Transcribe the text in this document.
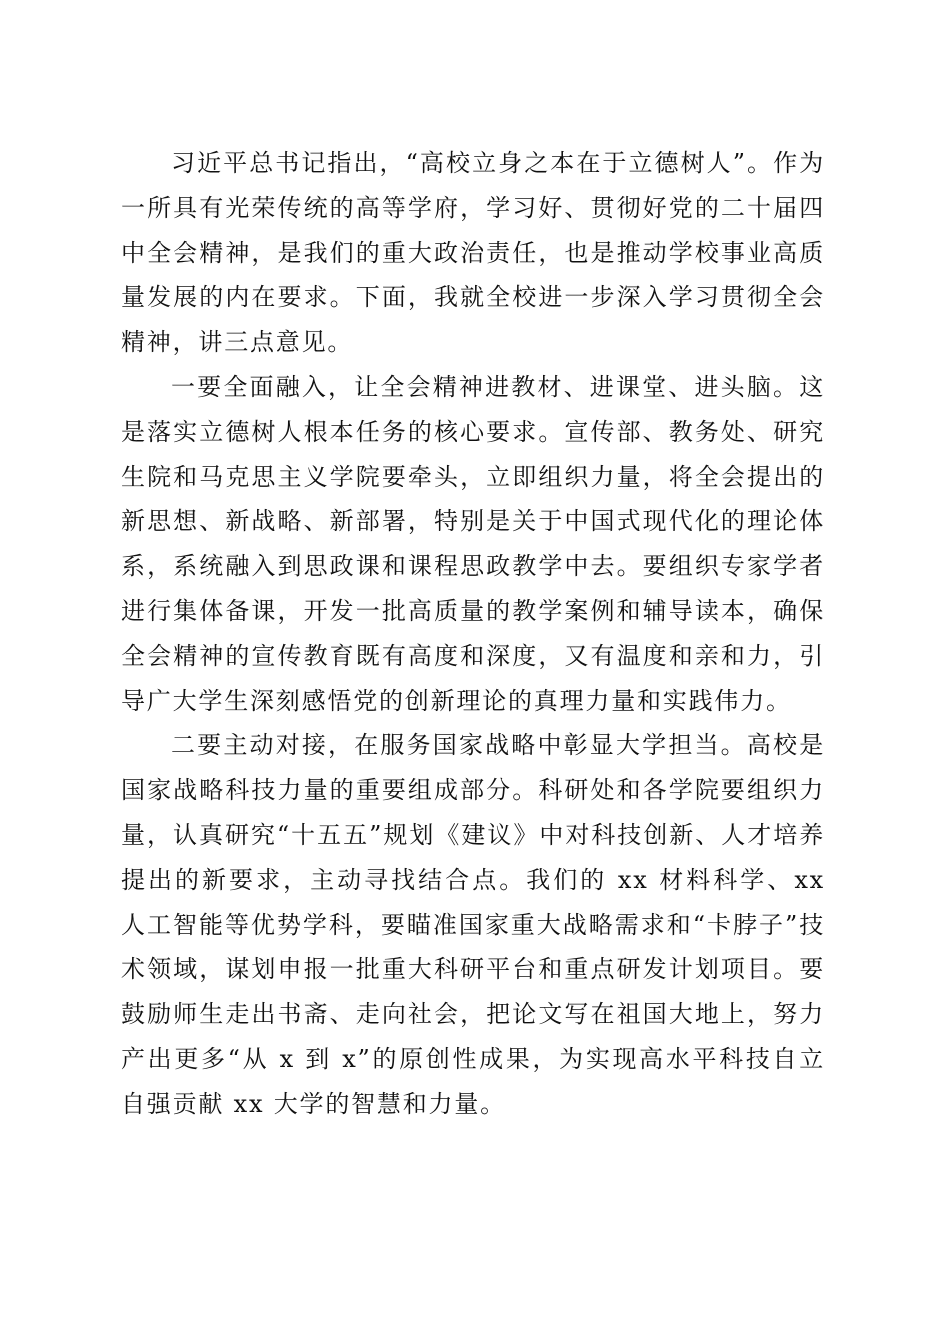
习近平总书记指出，“高校立身之本在于立德树人”。作为一所具有光荣传统的高等学府，学习好、贯彻好党的二十届四中全会精神，是我们的重大政治责任，也是推动学校事业高质量发展的内在要求。下面，我就全校进一步深入学习贯彻全会精神，讲三点意见。

一要全面融入，让全会精神进教材、进课堂、进头脑。这是落实立德树人根本任务的核心要求。宣传部、教务处、研究生院和马克思主义学院要牵头，立即组织力量，将全会提出的新思想、新战略、新部署，特别是关于中国式现代化的理论体系，系统融入到思政课和课程思政教学中去。要组织专家学者进行集体备课，开发一批高质量的教学案例和辅导读本，确保全会精神的宣传教育既有高度和深度，又有温度和亲和力，引导广大学生深刻感悟党的创新理论的真理力量和实践伟力。

二要主动对接，在服务国家战略中彰显大学担当。高校是国家战略科技力量的重要组成部分。科研处和各学院要组织力量，认真研究“十五五”规划《建议》中对科技创新、人才培养提出的新要求，主动寻找结合点。我们的 xx 材料科学、xx 人工智能等优势学科，要瞄准国家重大战略需求和“卡脖子”技术领域，谋划申报一批重大科研平台和重点研发计划项目。要鼓励师生走出书斋、走向社会，把论文写在祖国大地上，努力产出更多“从 x 到 x”的原创性成果，为实现高水平科技自立自强贡献 xx 大学的智慧和力量。
